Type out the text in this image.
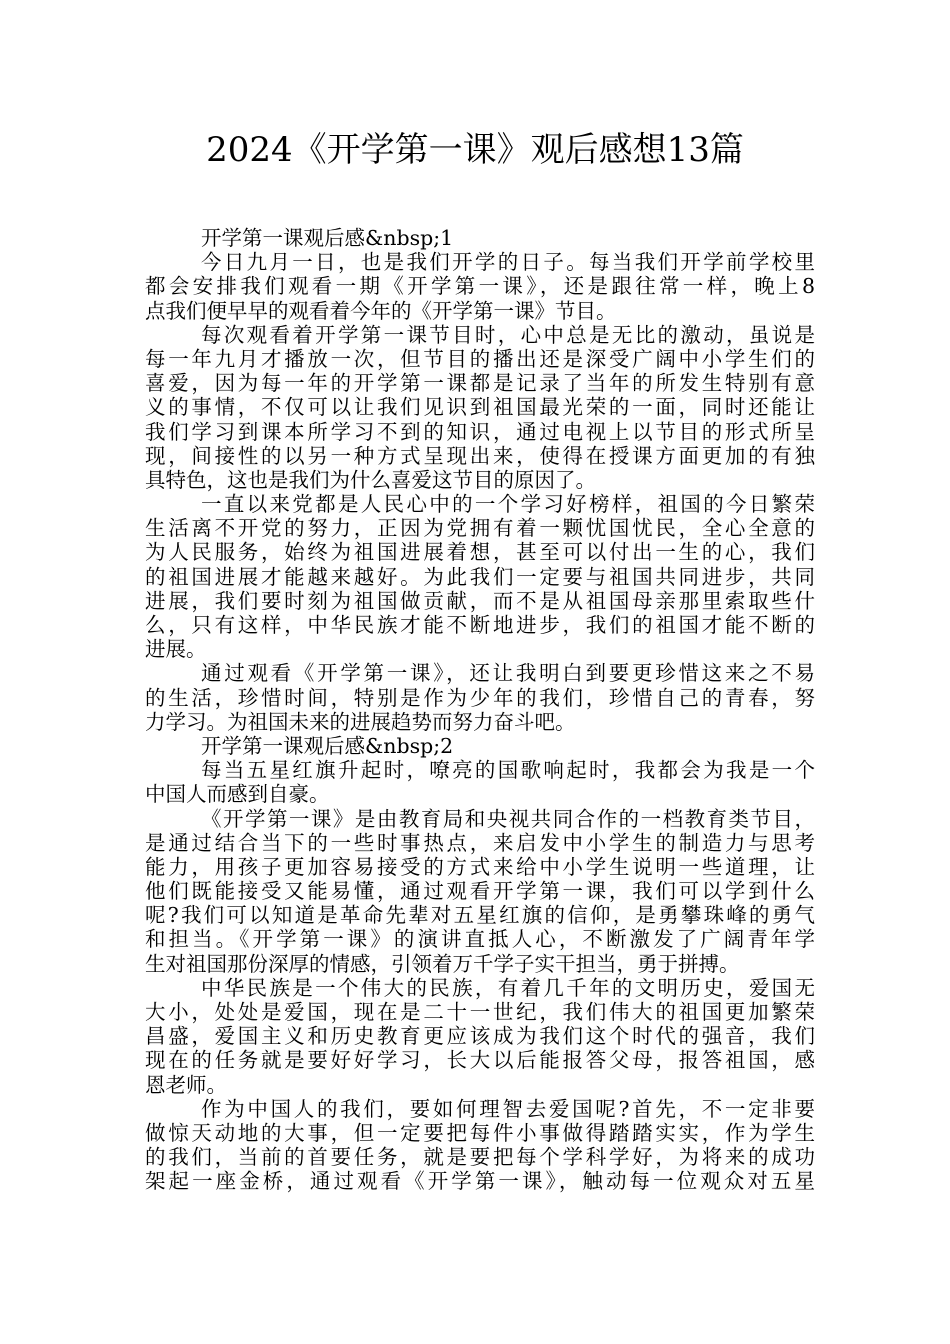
2024《开学第一课》观后感想13篇
开学第一课观后感&nbsp;1
今日九月一日，也是我们开学的日子。每当我们开学前学校里
都会安排我们观看一期《开学第一课》，还是跟往常一样，晚上8
点我们便早早的观看着今年的《开学第一课》节目。
每次观看着开学第一课节目时，心中总是无比的激动，虽说是
每一年九月才播放一次，但节目的播出还是深受广阔中小学生们的
喜爱，因为每一年的开学第一课都是记录了当年的所发生特别有意
义的事情，不仅可以让我们见识到祖国最光荣的一面，同时还能让
我们学习到课本所学习不到的知识，通过电视上以节目的形式所呈
现，间接性的以另一种方式呈现出来，使得在授课方面更加的有独
具特色，这也是我们为什么喜爱这节目的原因了。
一直以来党都是人民心中的一个学习好榜样，祖国的今日繁荣
生活离不开党的努力，正因为党拥有着一颗忧国忧民，全心全意的
为人民服务，始终为祖国进展着想，甚至可以付出一生的心，我们
的祖国进展才能越来越好。为此我们一定要与祖国共同进步，共同
进展，我们要时刻为祖国做贡献，而不是从祖国母亲那里索取些什
么，只有这样，中华民族才能不断地进步，我们的祖国才能不断的
进展。
通过观看《开学第一课》，还让我明白到要更珍惜这来之不易
的生活，珍惜时间，特别是作为少年的我们，珍惜自己的青春，努
力学习。为祖国未来的进展趋势而努力奋斗吧。
开学第一课观后感&nbsp;2
每当五星红旗升起时，嘹亮的国歌响起时，我都会为我是一个
中国人而感到自豪。
《开学第一课》是由教育局和央视共同合作的一档教育类节目，
是通过结合当下的一些时事热点，来启发中小学生的制造力与思考
能力，用孩子更加容易接受的方式来给中小学生说明一些道理，让
他们既能接受又能易懂，通过观看开学第一课，我们可以学到什么
呢?我们可以知道是革命先辈对五星红旗的信仰，是勇攀珠峰的勇气
和担当。《开学第一课》的演讲直抵人心，不断激发了广阔青年学
生对祖国那份深厚的情感，引领着万千学子实干担当，勇于拼搏。
中华民族是一个伟大的民族，有着几千年的文明历史，爱国无
大小，处处是爱国，现在是二十一世纪，我们伟大的祖国更加繁荣
昌盛，爱国主义和历史教育更应该成为我们这个时代的强音，我们
现在的任务就是要好好学习，长大以后能报答父母，报答祖国，感
恩老师。
作为中国人的我们，要如何理智去爱国呢?首先，不一定非要
做惊天动地的大事，但一定要把每件小事做得踏踏实实，作为学生
的我们，当前的首要任务，就是要把每个学科学好，为将来的成功
架起一座金桥，通过观看《开学第一课》，触动每一位观众对五星
